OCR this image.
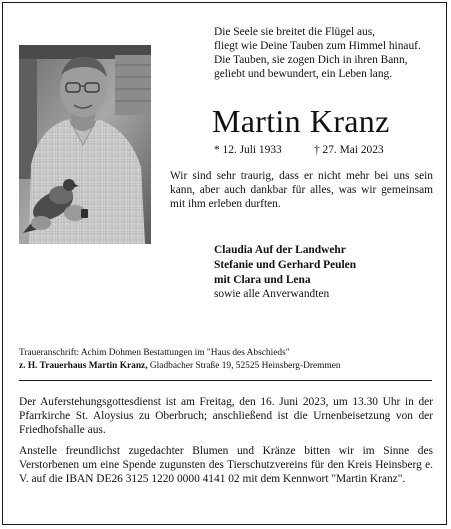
Die Seele sie breitet die Flügel aus,
fliegt wie Deine Tauben zum Himmel hinauf.
Die Tauben, sie zogen Dich in ihren Bann,
geliebt und bewundert, ein Leben lang.
Martin Kranz
* 12. Juli 1933	† 27. Mai 2023
Wir sind sehr traurig, dass er nicht mehr bei uns sein kann, aber auch dankbar für alles, was wir gemeinsam mit ihm erleben durften.
Claudia Auf der Landwehr
Stefanie und Gerhard Peulen
mit Clara und Lena
sowie alle Anverwandten
Traueranschrift: Achim Dohmen Bestattungen im "Haus des Abschieds"
z. H. Trauerhaus Martin Kranz, Gladbacher Straße 19, 52525 Heinsberg-Dremmen

Der Auferstehungsgottesdienst ist am Freitag, den 16. Juni 2023, um 13.30 Uhr in der Pfarrkirche St. Aloysius zu Oberbruch; anschließend ist die Urnenbeisetzung von der Friedhofshalle aus.

Anstelle freundlichst zugedachter Blumen und Kränze bitten wir im Sinne des Verstorbenen um eine Spende zugunsten des Tierschutzvereins für den Kreis Heinsberg e. V. auf die IBAN DE26 3125 1220 0000 4141 02 mit dem Kennwort "Martin Kranz".
